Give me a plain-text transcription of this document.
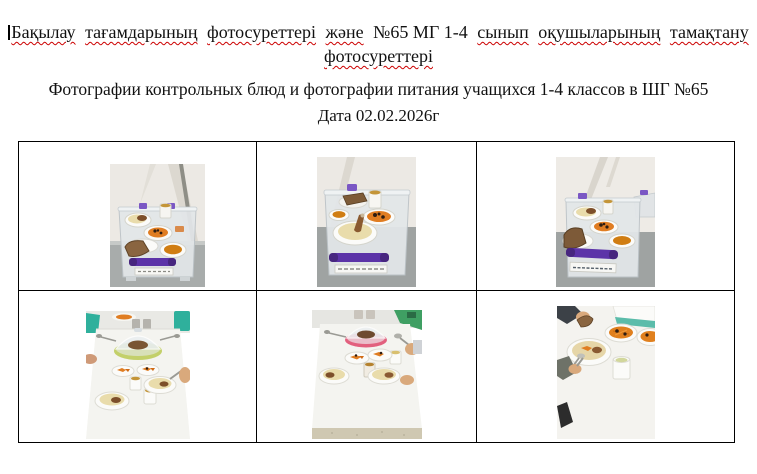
Бақылау тағамдарының фотосуреттері және №65 МГ 1-4 сынып оқушыларының тамақтану
фотосуреттері
Фотографии контрольных блюд и фотографии питания учащихся 1-4 классов в ШГ №65
Дата 02.02.2026г
